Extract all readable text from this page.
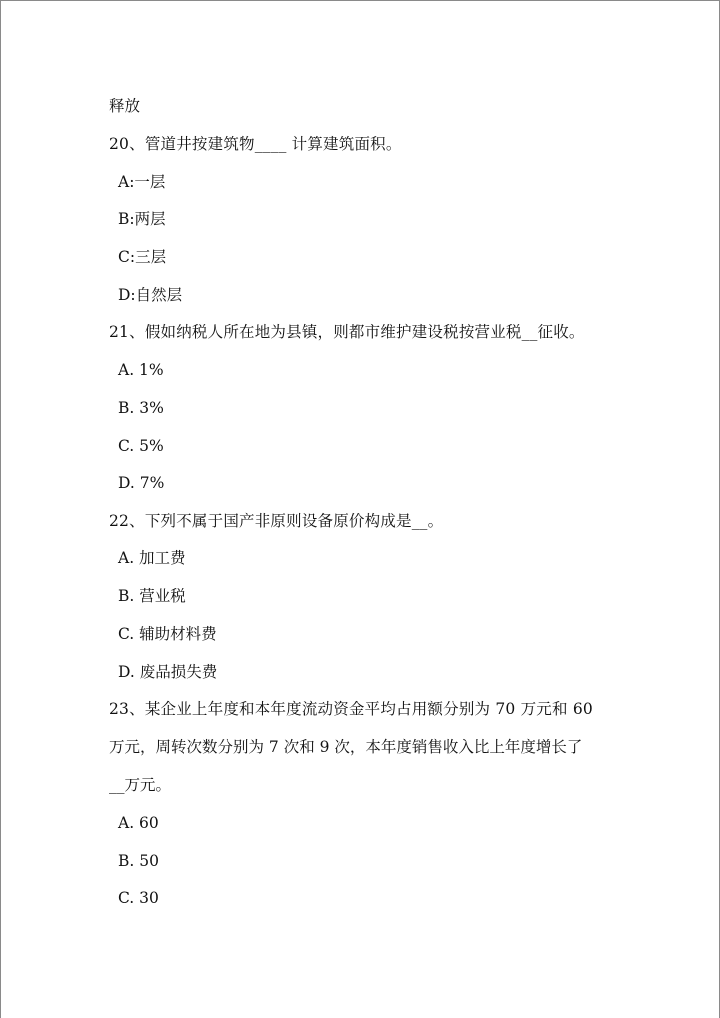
释放
20、管道井按建筑物____ 计算建筑面积。
A:一层
B:两层
C:三层
D:自然层
21、假如纳税人所在地为县镇，则都市维护建设税按营业税__征收。
A. 1%
B. 3%
C. 5%
D. 7%
22、下列不属于国产非原则设备原价构成是__。
A. 加工费
B. 营业税
C. 辅助材料费
D. 废品损失费
23、某企业上年度和本年度流动资金平均占用额分别为 70 万元和 60
万元，周转次数分别为 7 次和 9 次，本年度销售收入比上年度增长了
__万元。
A. 60
B. 50
C. 30
